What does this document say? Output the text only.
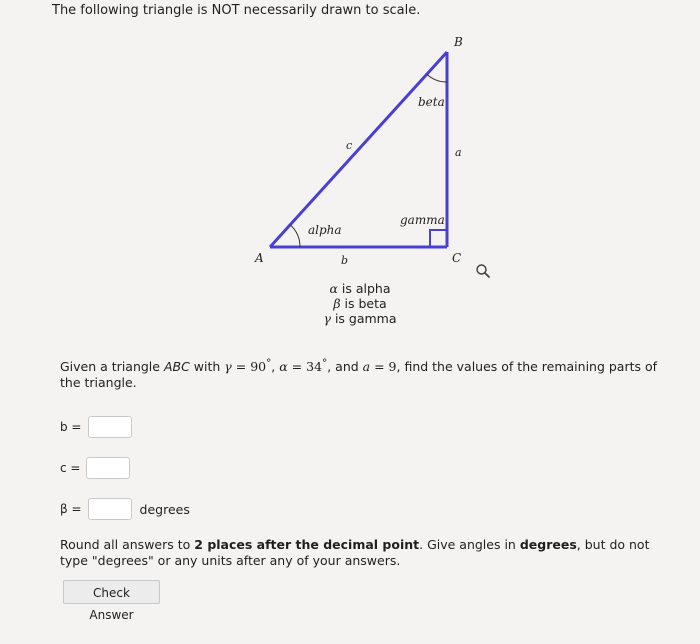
The following triangle is NOT necessarily drawn to scale.
A
B
C
a
b
c
alpha
beta
gamma
α is alpha
β is beta
γ is gamma
Given a triangle ABC with γ = 90°, α = 34°, and a = 9, find the values of the remaining parts of the triangle.
b =
c =
β =	degrees
Round all answers to 2 places after the decimal point. Give angles in degrees, but do not type "degrees" or any units after any of your answers.
Check Answer
